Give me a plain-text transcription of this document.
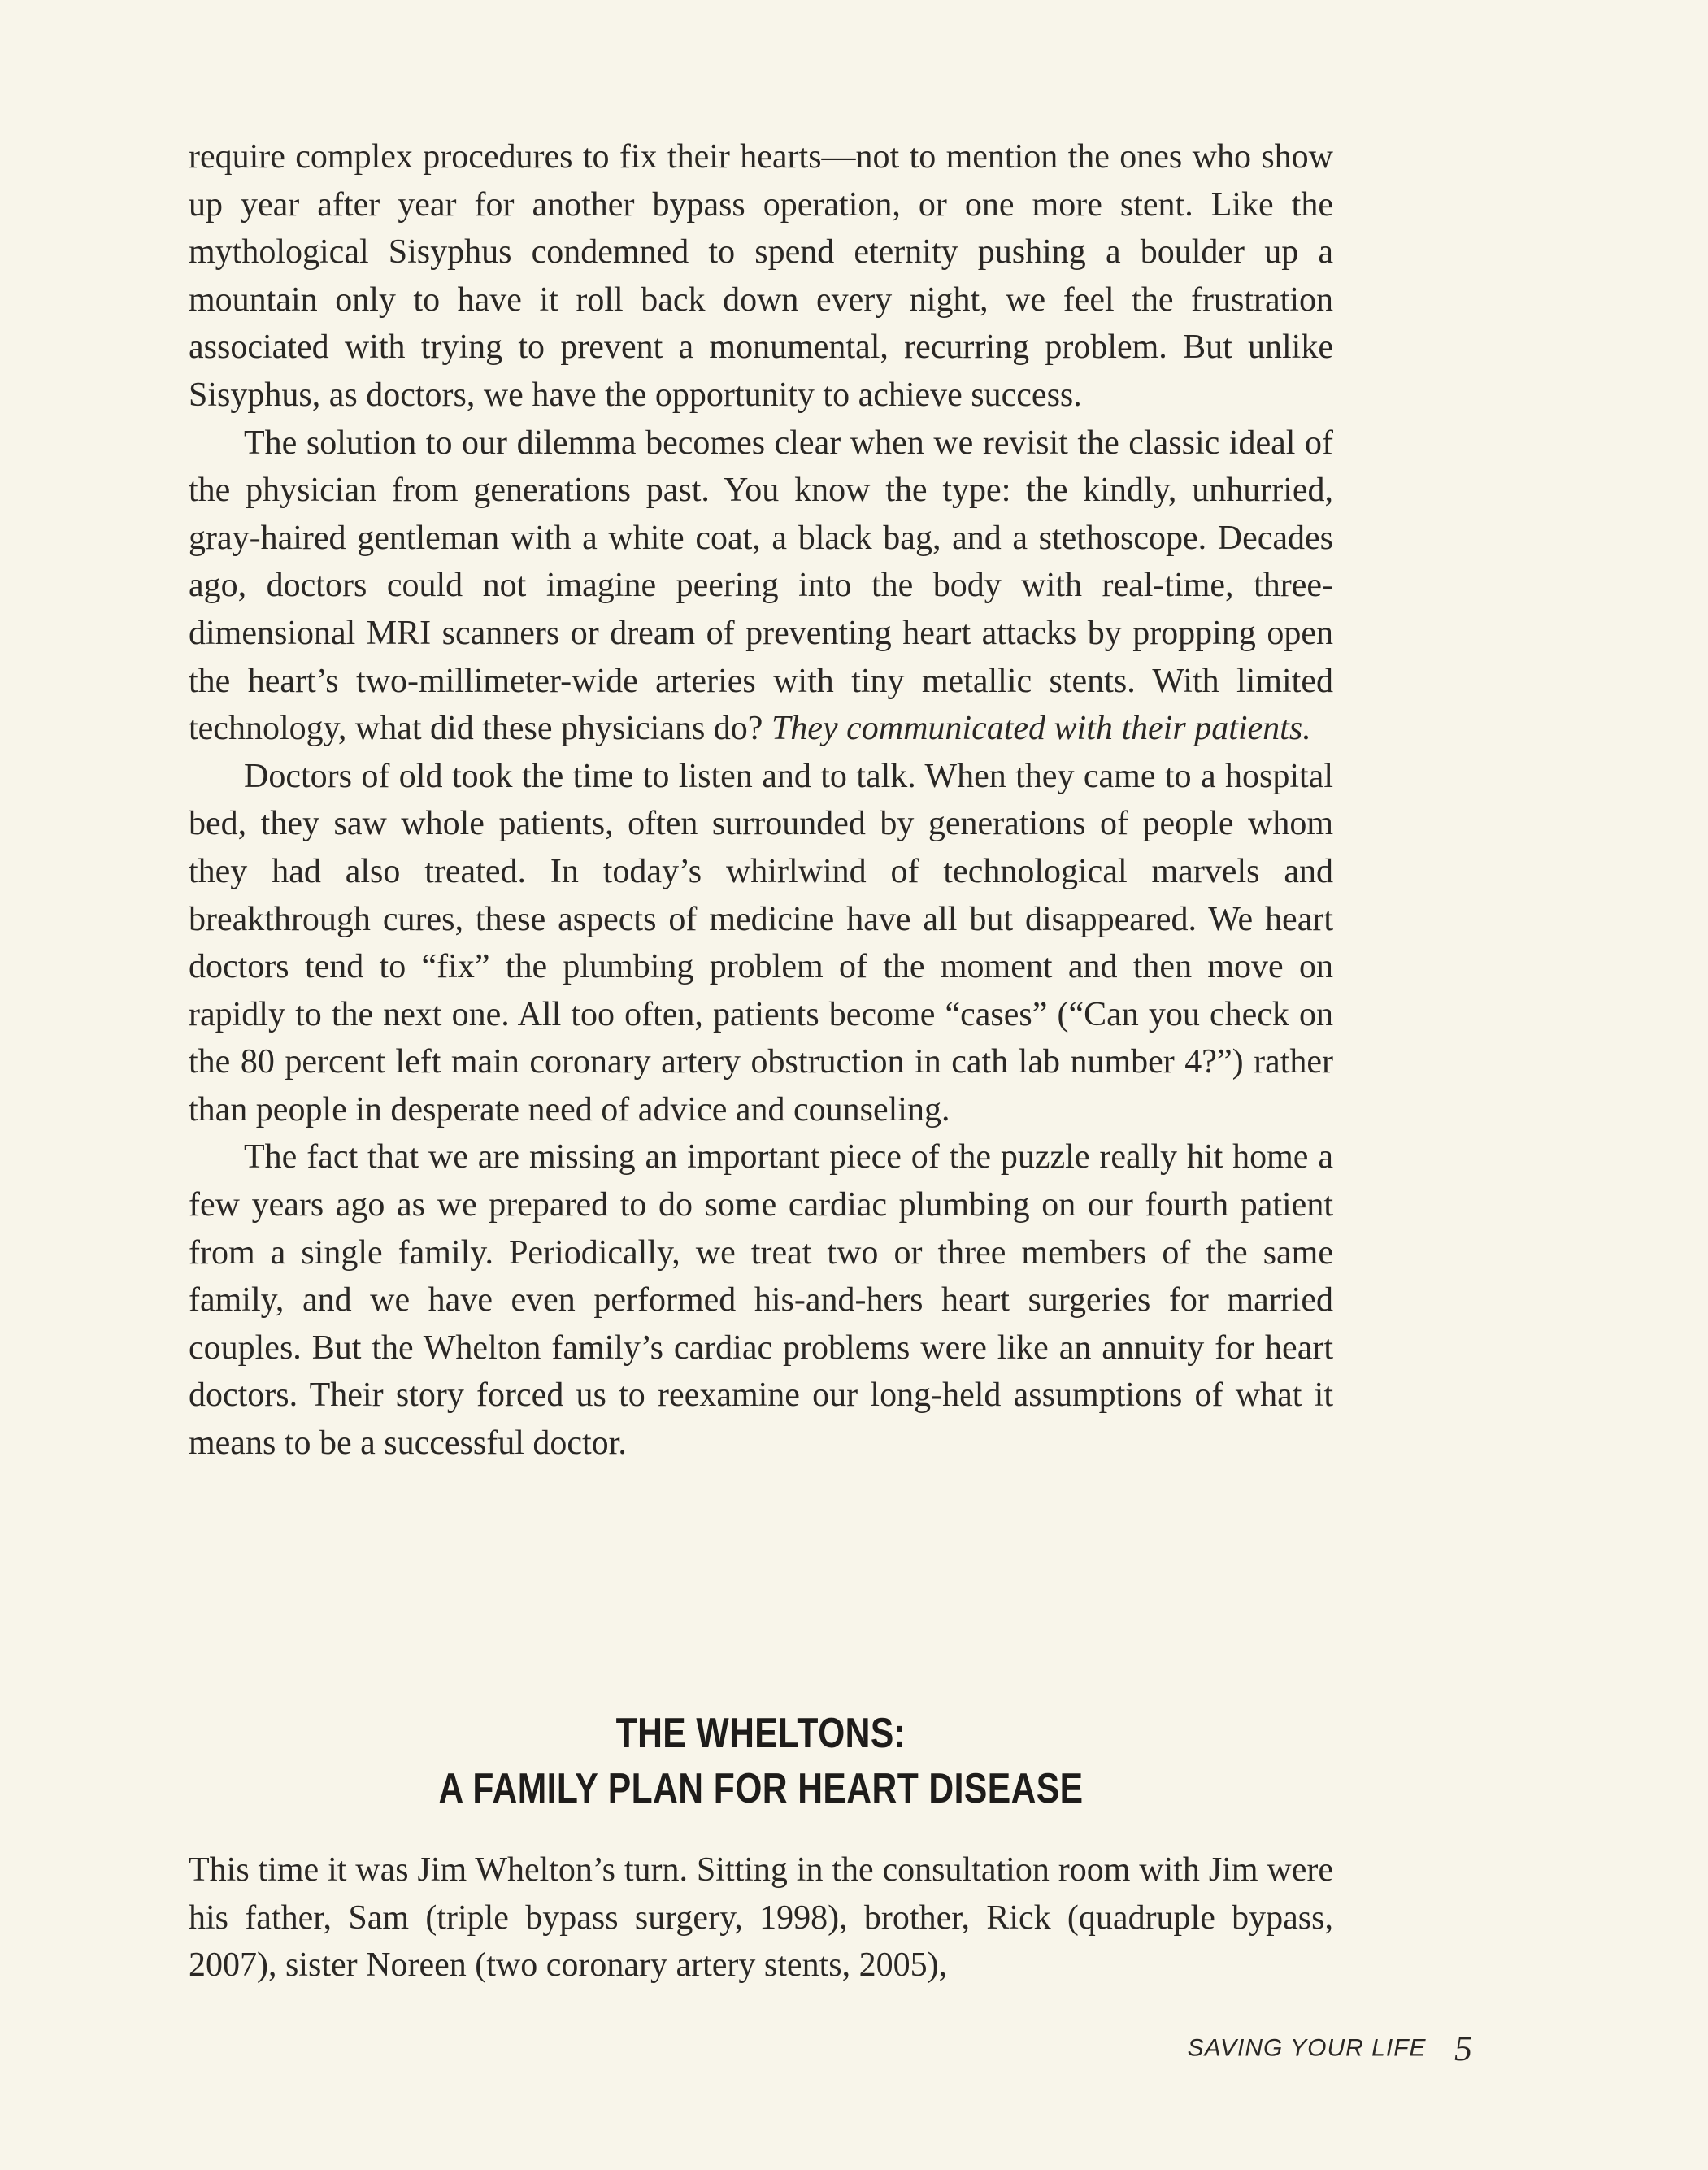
require complex procedures to fix their hearts—not to mention the ones who show up year after year for another bypass operation, or one more stent. Like the mythological Sisyphus condemned to spend eternity pushing a boulder up a mountain only to have it roll back down every night, we feel the frustration associated with trying to prevent a monumental, recurring problem. But unlike Sisyphus, as doctors, we have the opportunity to achieve success.

The solution to our dilemma becomes clear when we revisit the classic ideal of the physician from generations past. You know the type: the kindly, unhurried, gray-haired gentleman with a white coat, a black bag, and a stethoscope. Decades ago, doctors could not imagine peering into the body with real-time, three-dimensional MRI scanners or dream of preventing heart attacks by propping open the heart’s two-millimeter-wide arteries with tiny metallic stents. With limited technology, what did these physicians do? They communicated with their patients.

Doctors of old took the time to listen and to talk. When they came to a hospital bed, they saw whole patients, often surrounded by generations of people whom they had also treated. In today’s whirlwind of technological marvels and breakthrough cures, these aspects of medicine have all but disappeared. We heart doctors tend to “fix” the plumbing problem of the moment and then move on rapidly to the next one. All too often, patients become “cases” (“Can you check on the 80 percent left main coronary artery obstruction in cath lab number 4?”) rather than people in desperate need of advice and counseling.

The fact that we are missing an important piece of the puzzle really hit home a few years ago as we prepared to do some cardiac plumbing on our fourth patient from a single family. Periodically, we treat two or three members of the same family, and we have even performed his-and-hers heart surgeries for married couples. But the Whelton family’s cardiac problems were like an annuity for heart doctors. Their story forced us to reexamine our long-held assumptions of what it means to be a successful doctor.

THE WHELTONS:
A FAMILY PLAN FOR HEART DISEASE

This time it was Jim Whelton’s turn. Sitting in the consultation room with Jim were his father, Sam (triple bypass surgery, 1998), brother, Rick (quadruple bypass, 2007), sister Noreen (two coronary artery stents, 2005),

SAVING YOUR LIFE 5
